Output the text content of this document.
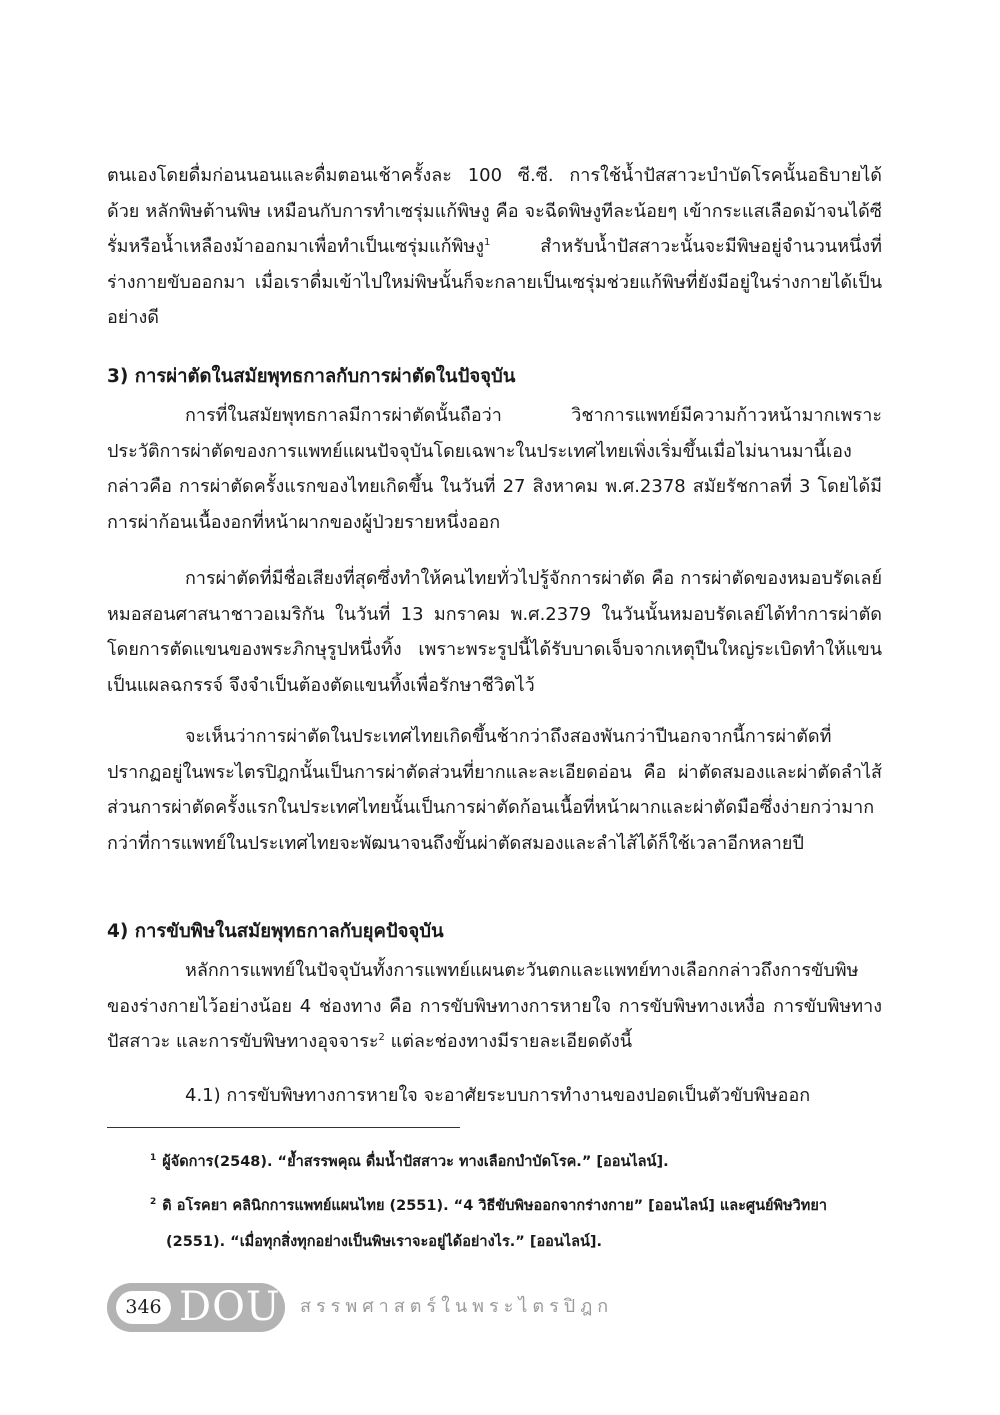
ตนเองโดยดื่มก่อนนอนและดื่มตอนเช้าครั้งละ 100 ซี.ซี. การใช้น้ำปัสสาวะบำบัดโรคนั้นอธิบายได้ด้วย หลักพิษต้านพิษ เหมือนกับการทำเซรุ่มแก้พิษงู คือ จะฉีดพิษงูทีละน้อยๆ เข้ากระแสเลือดม้าจนได้ซีรั่มหรือน้ำเหลืองม้าออกมาเพื่อทำเป็นเซรุ่มแก้พิษงู$^1$ สำหรับน้ำปัสสาวะนั้นจะมีพิษอยู่จำนวนหนึ่งที่ร่างกายขับออกมา เมื่อเราดื่มเข้าไปใหม่พิษนั้นก็จะกลายเป็นเซรุ่มช่วยแก้พิษที่ยังมีอยู่ในร่างกายได้เป็นอย่างดี

3) การผ่าตัดในสมัยพุทธกาลกับการผ่าตัดในปัจจุบัน

การที่ในสมัยพุทธกาลมีการผ่าตัดนั้นถือว่า วิชาการแพทย์มีความก้าวหน้ามากเพราะประวัติการผ่าตัดของการแพทย์แผนปัจจุบันโดยเฉพาะในประเทศไทยเพิ่งเริ่มขึ้นเมื่อไม่นานมานี้เอง กล่าวคือ การผ่าตัดครั้งแรกของไทยเกิดขึ้น ในวันที่ 27 สิงหาคม พ.ศ.2378 สมัยรัชกาลที่ 3 โดยได้มีการผ่าก้อนเนื้องอกที่หน้าผากของผู้ป่วยรายหนึ่งออก

การผ่าตัดที่มีชื่อเสียงที่สุดซึ่งทำให้คนไทยทั่วไปรู้จักการผ่าตัด คือ การผ่าตัดของหมอบรัดเลย์ หมอสอนศาสนาชาวอเมริกัน ในวันที่ 13 มกราคม พ.ศ.2379 ในวันนั้นหมอบรัดเลย์ได้ทำการผ่าตัดโดยการตัดแขนของพระภิกษุรูปหนึ่งทิ้ง เพราะพระรูปนี้ได้รับบาดเจ็บจากเหตุปืนใหญ่ระเบิดทำให้แขนเป็นแผลฉกรรจ์ จึงจำเป็นต้องตัดแขนทิ้งเพื่อรักษาชีวิตไว้

จะเห็นว่าการผ่าตัดในประเทศไทยเกิดขึ้นช้ากว่าถึงสองพันกว่าปีนอกจากนี้การผ่าตัดที่ปรากฏอยู่ในพระไตรปิฎกนั้นเป็นการผ่าตัดส่วนที่ยากและละเอียดอ่อน คือ ผ่าตัดสมองและผ่าตัดลำไส้ ส่วนการผ่าตัดครั้งแรกในประเทศไทยนั้นเป็นการผ่าตัดก้อนเนื้อที่หน้าผากและผ่าตัดมือซึ่งง่ายกว่ามาก กว่าที่การแพทย์ในประเทศไทยจะพัฒนาจนถึงขั้นผ่าตัดสมองและลำไส้ได้ก็ใช้เวลาอีกหลายปี

4) การขับพิษในสมัยพุทธกาลกับยุคปัจจุบัน

หลักการแพทย์ในปัจจุบันทั้งการแพทย์แผนตะวันตกและแพทย์ทางเลือกกล่าวถึงการขับพิษของร่างกายไว้อย่างน้อย 4 ช่องทาง คือ การขับพิษทางการหายใจ การขับพิษทางเหงื่อ การขับพิษทางปัสสาวะ และการขับพิษทางอุจจาระ$^2$ แต่ละช่องทางมีรายละเอียดดังนี้

4.1) การขับพิษทางการหายใจ จะอาศัยระบบการทำงานของปอดเป็นตัวขับพิษออก

$^1$ ผู้จัดการ(2548). “ย้ำสรรพคุณ ดื่มน้ำปัสสาวะ ทางเลือกบำบัดโรค.” [ออนไลน์].

$^2$ ดิ อโรคยา คลินิกการแพทย์แผนไทย (2551). “4 วิธีขับพิษออกจากร่างกาย” [ออนไลน์] และศูนย์พิษวิทยา
(2551). “เมื่อทุกสิ่งทุกอย่างเป็นพิษเราจะอยู่ได้อย่างไร.” [ออนไลน์].

346 DOU สรรพศาสตร์ในพระไตรปิฎก
